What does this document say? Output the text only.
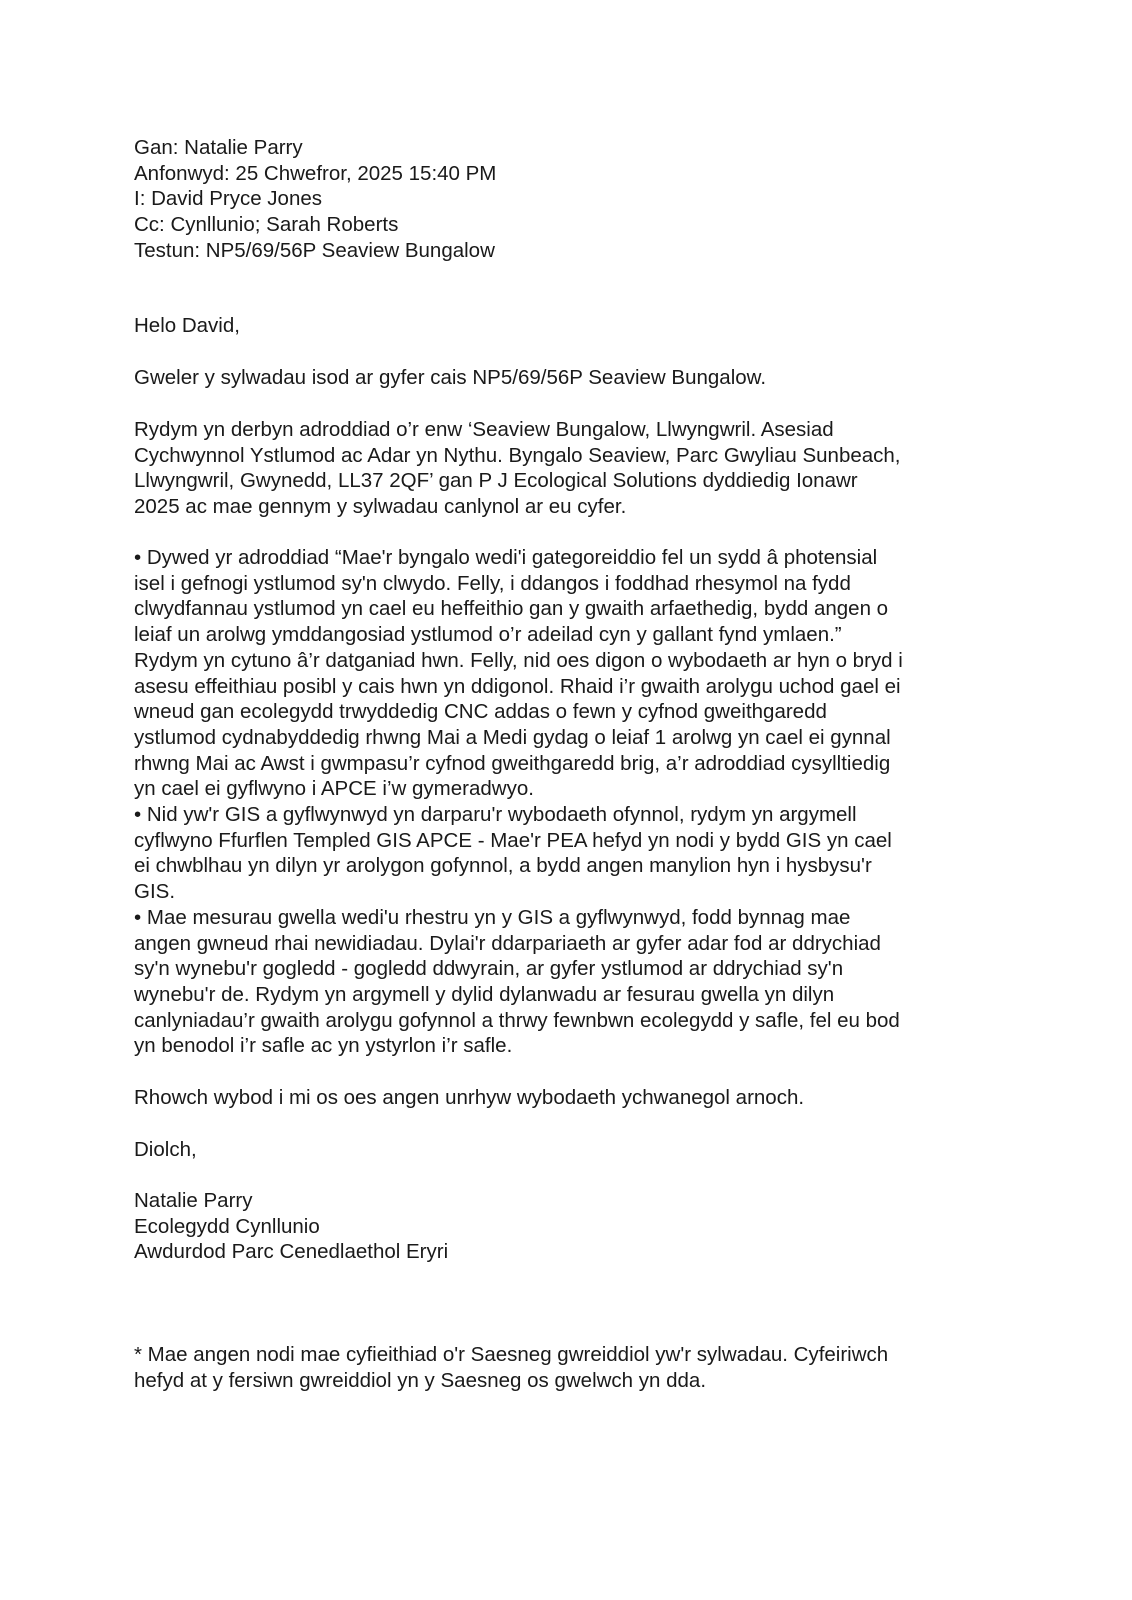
Gan: Natalie Parry
Anfonwyd: 25 Chwefror, 2025 15:40 PM
I: David Pryce Jones
Cc: Cynllunio; Sarah Roberts
Testun: NP5/69/56P Seaview Bungalow
Helo David,
Gweler y sylwadau isod ar gyfer cais NP5/69/56P Seaview Bungalow.
Rydym yn derbyn adroddiad o’r enw ‘Seaview Bungalow, Llwyngwril. Asesiad
Cychwynnol Ystlumod ac Adar yn Nythu. Byngalo Seaview, Parc Gwyliau Sunbeach,
Llwyngwril, Gwynedd, LL37 2QF’ gan P J Ecological Solutions dyddiedig Ionawr
2025 ac mae gennym y sylwadau canlynol ar eu cyfer.
• Dywed yr adroddiad “Mae'r byngalo wedi'i gategoreiddio fel un sydd â photensial
isel i gefnogi ystlumod sy'n clwydo. Felly, i ddangos i foddhad rhesymol na fydd
clwydfannau ystlumod yn cael eu heffeithio gan y gwaith arfaethedig, bydd angen o
leiaf un arolwg ymddangosiad ystlumod o’r adeilad cyn y gallant fynd ymlaen.”
Rydym yn cytuno â’r datganiad hwn. Felly, nid oes digon o wybodaeth ar hyn o bryd i
asesu effeithiau posibl y cais hwn yn ddigonol. Rhaid i’r gwaith arolygu uchod gael ei
wneud gan ecolegydd trwyddedig CNC addas o fewn y cyfnod gweithgaredd
ystlumod cydnabyddedig rhwng Mai a Medi gydag o leiaf 1 arolwg yn cael ei gynnal
rhwng Mai ac Awst i gwmpasu’r cyfnod gweithgaredd brig, a’r adroddiad cysylltiedig
yn cael ei gyflwyno i APCE i’w gymeradwyo.
• Nid yw'r GIS a gyflwynwyd yn darparu'r wybodaeth ofynnol, rydym yn argymell
cyflwyno Ffurflen Templed GIS APCE - Mae'r PEA hefyd yn nodi y bydd GIS yn cael
ei chwblhau yn dilyn yr arolygon gofynnol, a bydd angen manylion hyn i hysbysu'r
GIS.
• Mae mesurau gwella wedi'u rhestru yn y GIS a gyflwynwyd, fodd bynnag mae
angen gwneud rhai newidiadau. Dylai'r ddarpariaeth ar gyfer adar fod ar ddrychiad
sy'n wynebu'r gogledd - gogledd ddwyrain, ar gyfer ystlumod ar ddrychiad sy'n
wynebu'r de. Rydym yn argymell y dylid dylanwadu ar fesurau gwella yn dilyn
canlyniadau’r gwaith arolygu gofynnol a thrwy fewnbwn ecolegydd y safle, fel eu bod
yn benodol i’r safle ac yn ystyrlon i’r safle.
Rhowch wybod i mi os oes angen unrhyw wybodaeth ychwanegol arnoch.
Diolch,
Natalie Parry
Ecolegydd Cynllunio
Awdurdod Parc Cenedlaethol Eryri
* Mae angen nodi mae cyfieithiad o'r Saesneg gwreiddiol yw'r sylwadau. Cyfeiriwch
hefyd at y fersiwn gwreiddiol yn y Saesneg os gwelwch yn dda.
